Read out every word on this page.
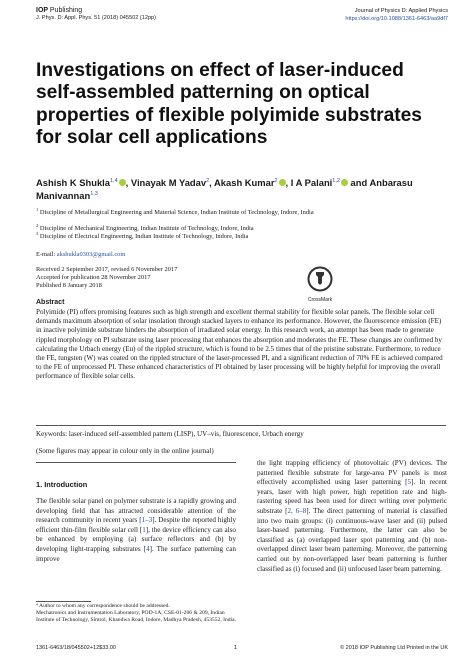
IOP Publishing
J. Phys. D: Appl. Phys. 51 (2018) 045502 (12pp)
Journal of Physics D: Applied Physics
https://doi.org/10.1088/1361-6463/aa9df7
Investigations on effect of laser-induced self-assembled patterning on optical properties of flexible polyimide substrates for solar cell applications
Ashish K Shukla$^{1,4}$ , Vinayak M Yadav$^2$, Akash Kumar$^2$ , I A Palani$^{1,2}$ and Anbarasu Manivannan$^{1,3}$
$^1$ Discipline of Metallurgical Engineering and Material Science, Indian Institute of Technology, Indore, India
$^2$ Discipline of Mechanical Engineering, Indian Institute of Technology, Indore, India
$^3$ Discipline of Electrical Engineering, Indian Institute of Technology, Indore, India
E-mail: akshukla0303@gmail.com
Received 2 September 2017, revised 6 November 2017
Accepted for publication 28 November 2017
Published 8 January 2018
CrossMark
Abstract
Polyimide (PI) offers promising features such as high strength and excellent thermal stability for flexible solar panels. The flexible solar cell demands maximum absorption of solar insolation through stacked layers to enhance its performance. However, the fluorescence emission (FE) in inactive polyimide substrate hinders the absorption of irradiated solar energy. In this research work, an attempt has been made to generate rippled morphology on PI substrate using laser processing that enhances the absorption and moderates the FE. These changes are confirmed by calculating the Urbach energy (Eu) of the rippled structure, which is found to be 2.5 times that of the pristine substrate. Furthermore, to reduce the FE, tungsten (W) was coated on the rippled structure of the laser-processed PI, and a significant reduction of 70% FE is achieved compared to the FE of unprocessed PI. These enhanced characteristics of PI obtained by laser processing will be highly helpful for improving the overall performance of flexible solar cells.
Keywords: laser-induced self-assembled pattern (LISP), UV–vis, fluorescence, Urbach energy
(Some figures may appear in colour only in the online journal)
1. Introduction
The flexible solar panel on polymer substrate is a rapidly growing and developing field that has attracted considerable attention of the research community in recent years [1–3]. Despite the reported highly efficient thin-film flexible solar cell [1], the device efficiency can also be enhanced by employing (a) surface reflectors and (b) by developing light-trapping substrates [4]. The surface patterning can improve
the light trapping efficiency of photovoltaic (PV) devices. The patterned flexible substrate for large-area PV panels is most effectively accomplished using laser patterning [5]. In recent years, laser with high power, high repetition rate and high-rastering speed has been used for direct writing over polymeric substrate [2, 6–8]. The direct patterning of material is classified into two main groups: (i) continuous-wave laser and (ii) pulsed laser-based patterning. Furthermore, the latter can also be classified as (a) overlapped laser spot patterning and (b) non-overlapped direct laser beam patterning. Moreover, the patterning carried out by non-overlapped laser beam patterning is further classified as (i) focused and (ii) unfocused laser beam patterning.
⁴ Author to whom any correspondence should be addressed.
Mechatronics and Instrumentation Laboratory, POD-1A, CSE-01-206 & 209, Indian Institute of Technology, Simrol, Khandwa Road, Indore, Madhya Pradesh, 453552, India.
1361-6463/18/045502+12$33.00	1	© 2018 IOP Publishing Ltd Printed in the UK
